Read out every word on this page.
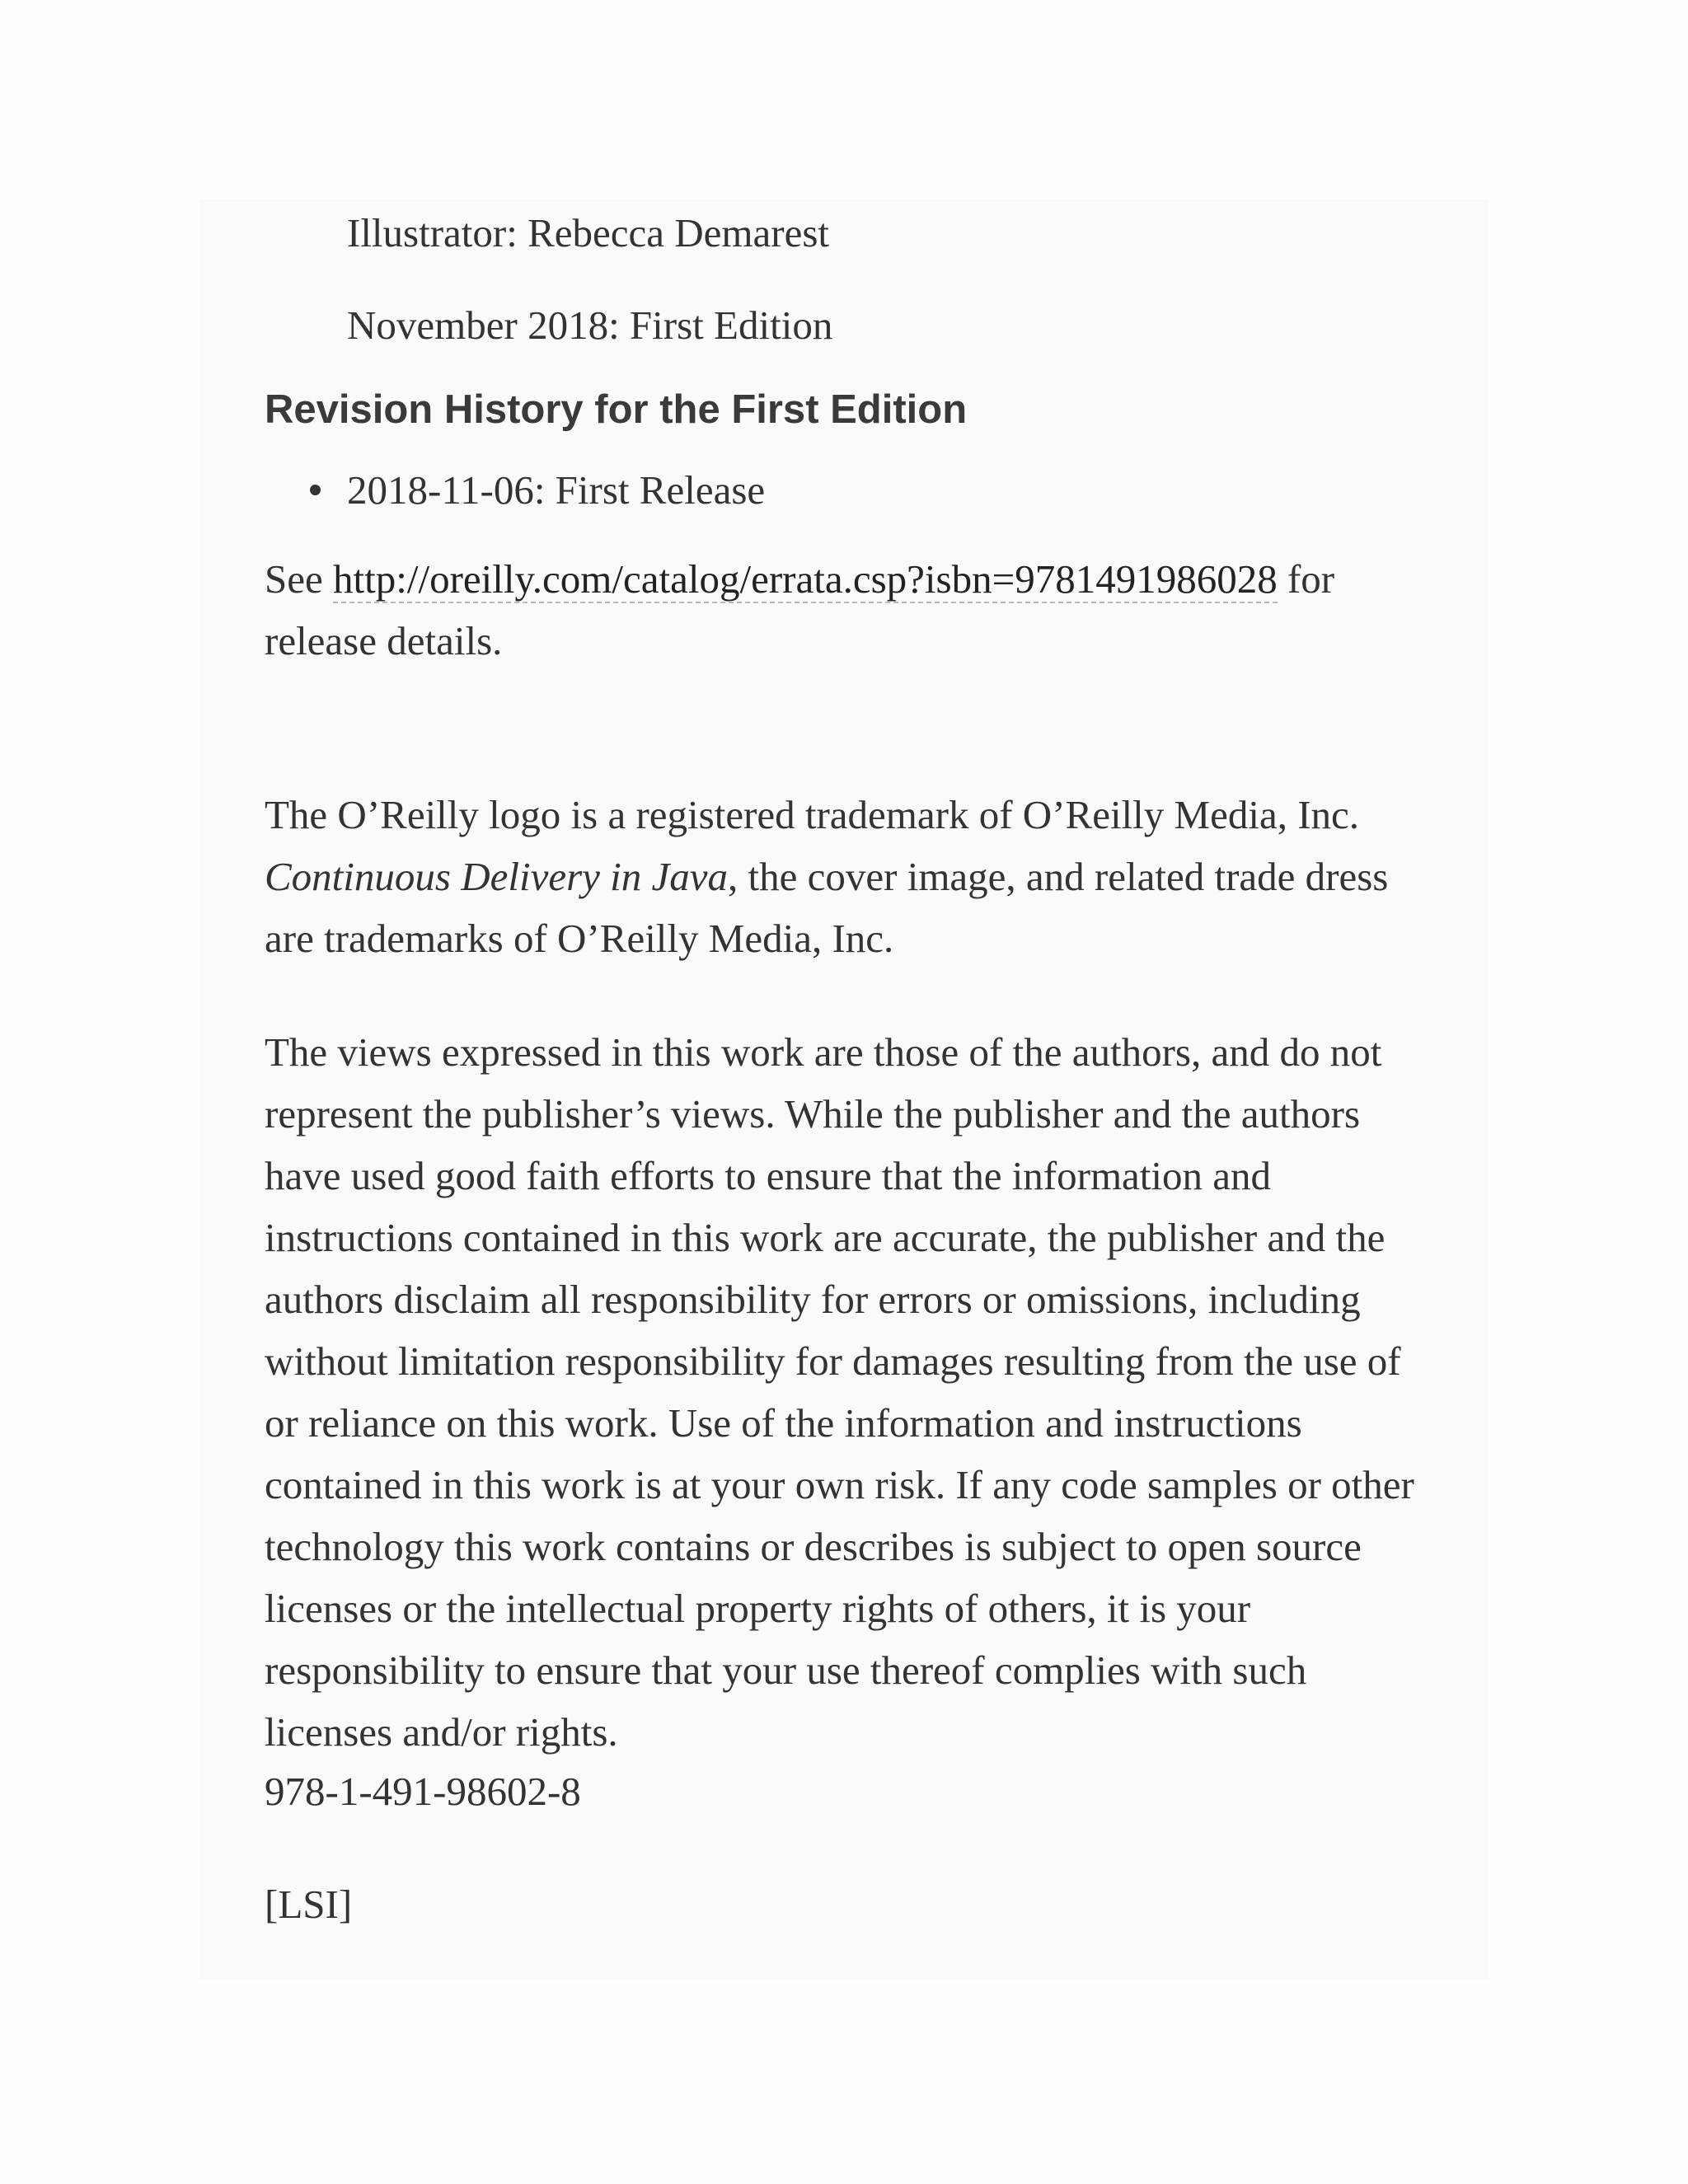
Illustrator: Rebecca Demarest
November 2018: First Edition
Revision History for the First Edition
2018-11-06: First Release

See http://oreilly.com/catalog/errata.csp?isbn=9781491986028 for release details.

The O’Reilly logo is a registered trademark of O’Reilly Media, Inc. Continuous Delivery in Java, the cover image, and related trade dress are trademarks of O’Reilly Media, Inc.

The views expressed in this work are those of the authors, and do not represent the publisher’s views. While the publisher and the authors have used good faith efforts to ensure that the information and instructions contained in this work are accurate, the publisher and the authors disclaim all responsibility for errors or omissions, including without limitation responsibility for damages resulting from the use of or reliance on this work. Use of the information and instructions contained in this work is at your own risk. If any code samples or other technology this work contains or describes is subject to open source licenses or the intellectual property rights of others, it is your responsibility to ensure that your use thereof complies with such licenses and/or rights.

978-1-491-98602-8

[LSI]
